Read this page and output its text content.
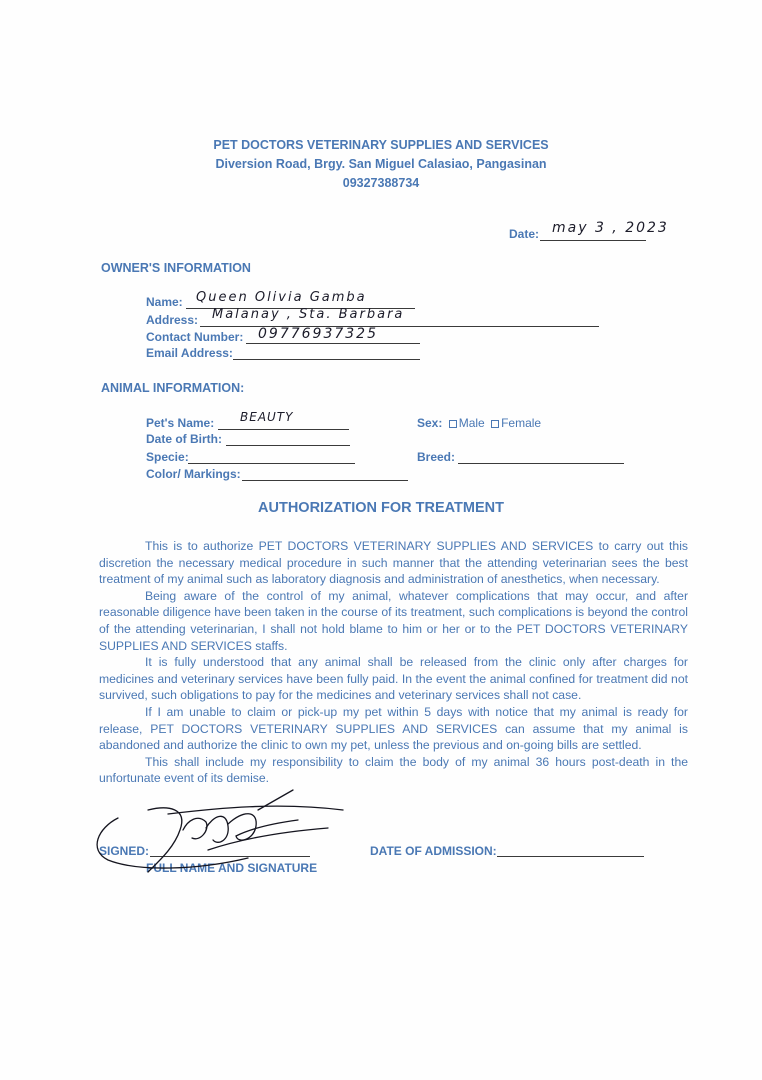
PET DOCTORS VETERINARY SUPPLIES AND SERVICES
Diversion Road, Brgy. San Miguel Calasiao, Pangasinan
09327388734
Date: may 3 , 2023
OWNER'S INFORMATION
Name: Queen Olivia Gamba
Address: Malanay , Sta. Barbara
Contact Number: 09776937325
Email Address:
ANIMAL INFORMATION:
Pet's Name: BEAUTY	Sex: Male Female
Date of Birth:
Specie:	Breed:
Color/ Markings:
AUTHORIZATION FOR TREATMENT

This is to authorize PET DOCTORS VETERINARY SUPPLIES AND SERVICES to carry out this discretion the necessary medical procedure in such manner that the attending veterinarian sees the best treatment of my animal such as laboratory diagnosis and administration of anesthetics, when necessary.

Being aware of the control of my animal, whatever complications that may occur, and after reasonable diligence have been taken in the course of its treatment, such complications is beyond the control of the attending veterinarian, I shall not hold blame to him or her or to the PET DOCTORS VETERINARY SUPPLIES AND SERVICES staffs.

It is fully understood that any animal shall be released from the clinic only after charges for medicines and veterinary services have been fully paid. In the event the animal confined for treatment did not survived, such obligations to pay for the medicines and veterinary services shall not case.

If I am unable to claim or pick-up my pet within 5 days with notice that my animal is ready for release, PET DOCTORS VETERINARY SUPPLIES AND SERVICES can assume that my animal is abandoned and authorize the clinic to own my pet, unless the previous and on-going bills are settled.

This shall include my responsibility to claim the body of my animal 36 hours post-death in the unfortunate event of its demise.

SIGNED:
FULL NAME AND SIGNATURE
DATE OF ADMISSION:
